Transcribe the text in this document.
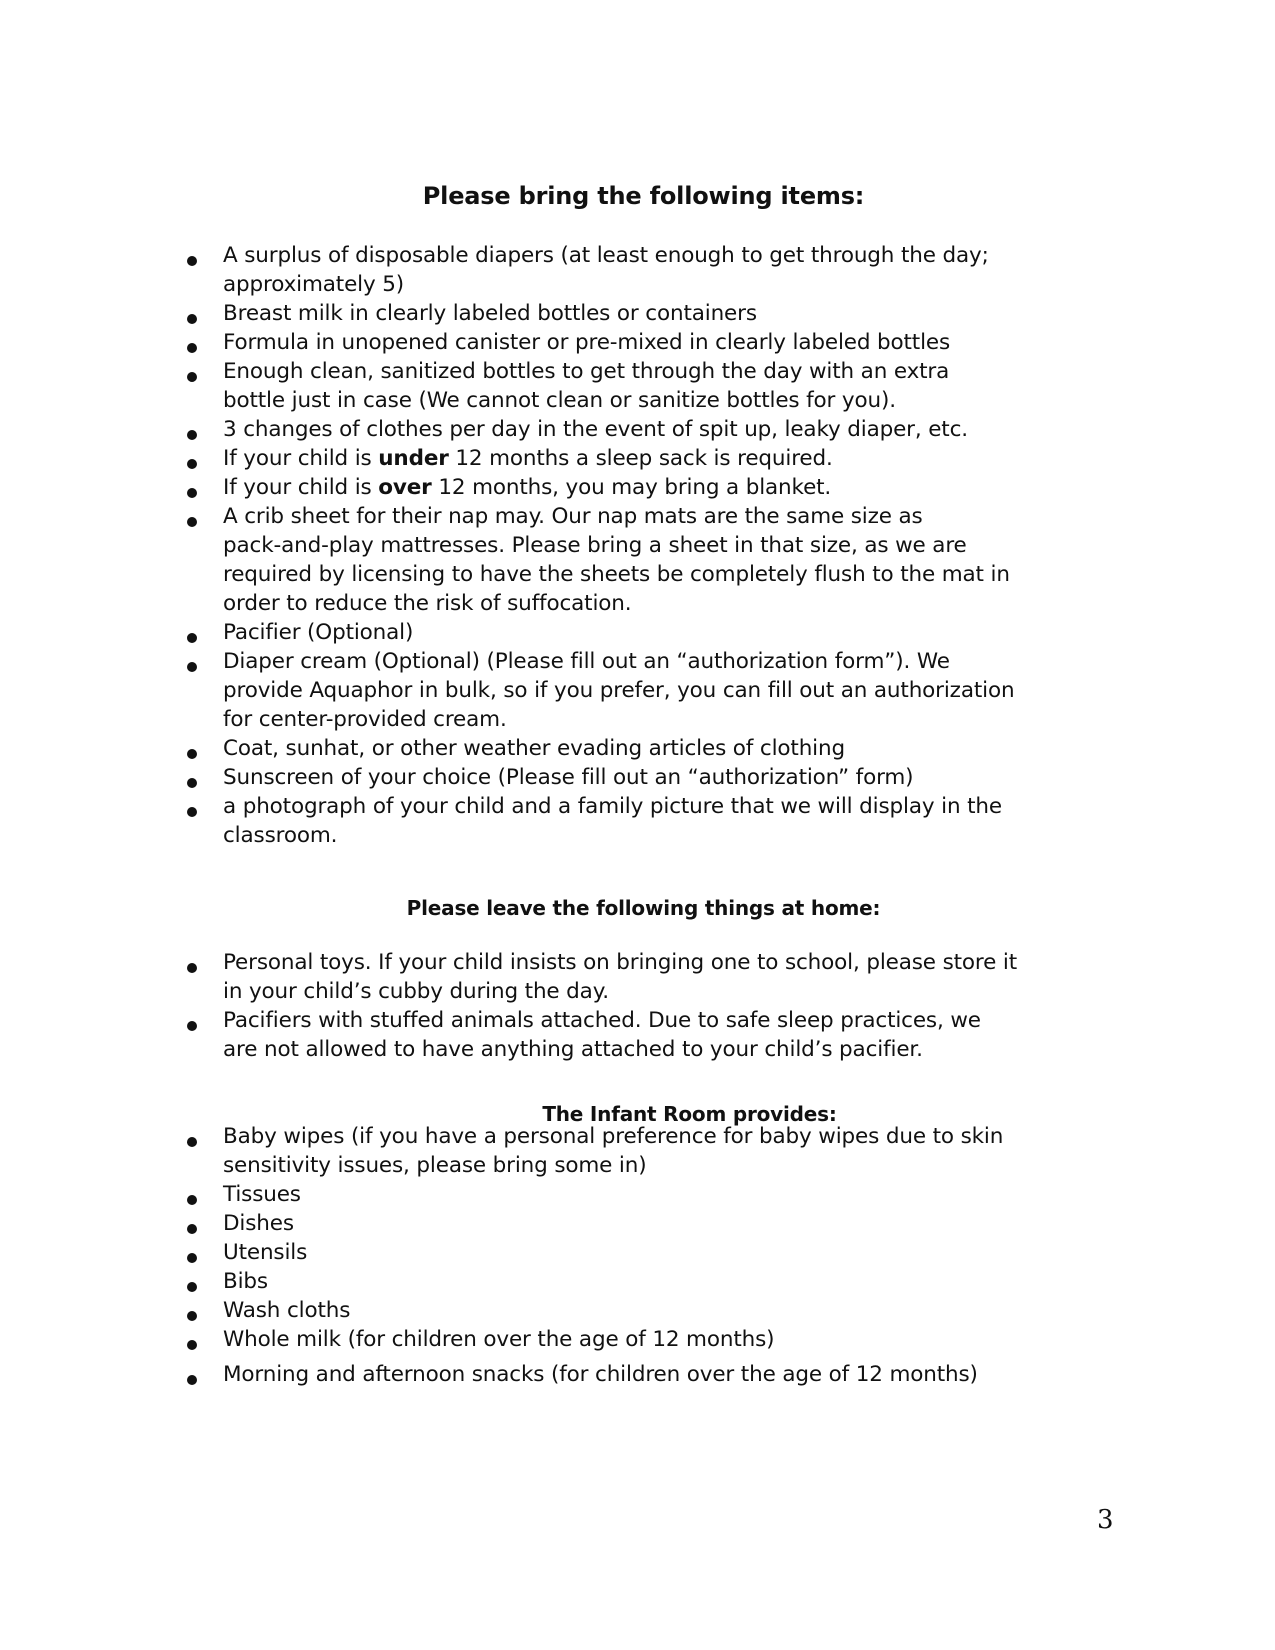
Please bring the following items:
A surplus of disposable diapers (at least enough to get through the day;
approximately 5)
Breast milk in clearly labeled bottles or containers
Formula in unopened canister or pre-mixed in clearly labeled bottles
Enough clean, sanitized bottles to get through the day with an extra
bottle just in case (We cannot clean or sanitize bottles for you).
3 changes of clothes per day in the event of spit up, leaky diaper, etc.
If your child is under 12 months a sleep sack is required.
If your child is over 12 months, you may bring a blanket.
A crib sheet for their nap may. Our nap mats are the same size as
pack-and-play mattresses. Please bring a sheet in that size, as we are
required by licensing to have the sheets be completely flush to the mat in
order to reduce the risk of suffocation.
Pacifier (Optional)
Diaper cream (Optional) (Please fill out an “authorization form”). We
provide Aquaphor in bulk, so if you prefer, you can fill out an authorization
for center-provided cream.
Coat, sunhat, or other weather evading articles of clothing
Sunscreen of your choice (Please fill out an “authorization” form)
a photograph of your child and a family picture that we will display in the
classroom.
Please leave the following things at home:
Personal toys. If your child insists on bringing one to school, please store it
in your child’s cubby during the day.
Pacifiers with stuffed animals attached. Due to safe sleep practices, we
are not allowed to have anything attached to your child’s pacifier.
The Infant Room provides:
Baby wipes (if you have a personal preference for baby wipes due to skin
sensitivity issues, please bring some in)
Tissues
Dishes
Utensils
Bibs
Wash cloths
Whole milk (for children over the age of 12 months)
Morning and afternoon snacks (for children over the age of 12 months)
3
